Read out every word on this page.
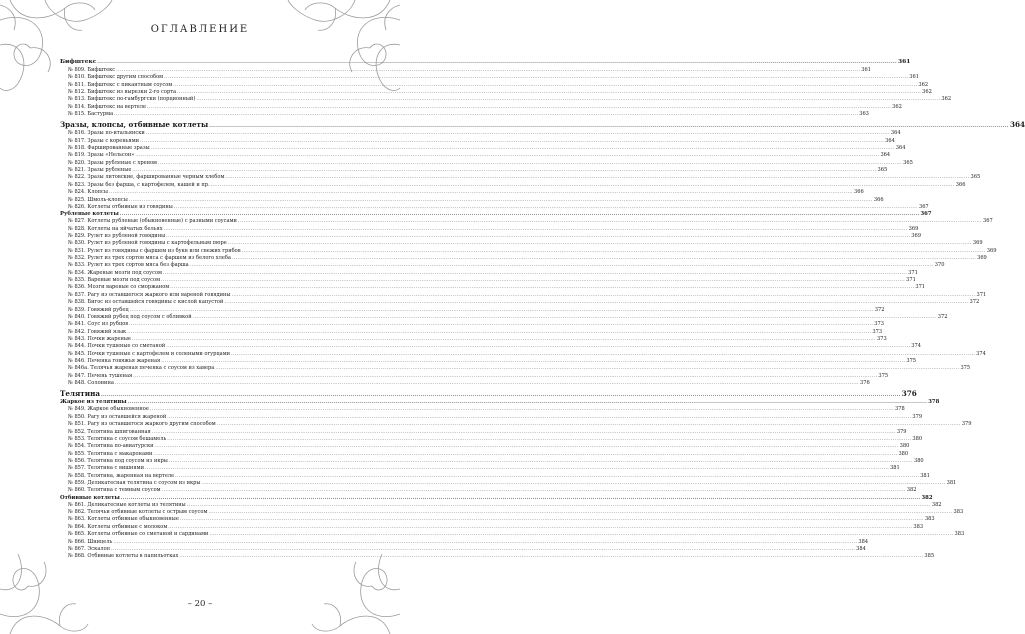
ОГЛАВЛЕНИЕ
Бифштекс ................................................................................................................................................................................................................................................................................................................................................................................................................ 361
№ 809. Бифштекс ................................................................................................................................................................................................................................................................................................................................................................................................................ 361
№ 810. Бифштекс другим способом ................................................................................................................................................................................................................................................................................................................................................................................................................ 361
№ 811. Бифштекс с пикантным соусом ................................................................................................................................................................................................................................................................................................................................................................................................................ 362
№ 812. Бифштекс из вырезки 2-го сорта ................................................................................................................................................................................................................................................................................................................................................................................................................ 362
№ 813. Бифштекс по-гамбургски (порционный) ................................................................................................................................................................................................................................................................................................................................................................................................................ 362
№ 814. Бифштекс на вертеле ................................................................................................................................................................................................................................................................................................................................................................................................................ 362
№ 815. Бастурма ................................................................................................................................................................................................................................................................................................................................................................................................................ 363
Зразы, клопсы, отбивные котлеты ................................................................................................................................................................................................................................................................................................................................................................................................................ 364
№ 816. Зразы по-итальянски ................................................................................................................................................................................................................................................................................................................................................................................................................ 364
№ 817. Зразы с кореньями ................................................................................................................................................................................................................................................................................................................................................................................................................ 364
№ 818. Фаршированные зразы ................................................................................................................................................................................................................................................................................................................................................................................................................ 364
№ 819. Зразы «Нельсон» ................................................................................................................................................................................................................................................................................................................................................................................................................ 364
№ 820. Зразы рубленые с хреном ................................................................................................................................................................................................................................................................................................................................................................................................................ 365
№ 821. Зразы рубленые ................................................................................................................................................................................................................................................................................................................................................................................................................ 365
№ 822. Зразы литовские, фаршированные черным хлебом ................................................................................................................................................................................................................................................................................................................................................................................................................ 365
№ 823. Зразы без фарша, с картофелем, кашей и пр. ................................................................................................................................................................................................................................................................................................................................................................................................................ 366
№ 824. Клопсы ................................................................................................................................................................................................................................................................................................................................................................................................................ 366
№ 825. Шмоль-клопсы ................................................................................................................................................................................................................................................................................................................................................................................................................ 366
№ 826. Котлеты отбивные из говядины ................................................................................................................................................................................................................................................................................................................................................................................................................ 367
Рубленые котлеты ................................................................................................................................................................................................................................................................................................................................................................................................................ 367
№ 827. Котлеты рубленые (обыкновенные) с разными соусами ................................................................................................................................................................................................................................................................................................................................................................................................................ 367
№ 828. Котлеты на яйчатых бельях ................................................................................................................................................................................................................................................................................................................................................................................................................ 369
№ 829. Рулет из рубленой говядины ................................................................................................................................................................................................................................................................................................................................................................................................................ 369
№ 830. Рулет из рубленой говядины с картофельным пюре ................................................................................................................................................................................................................................................................................................................................................................................................................ 369
№ 831. Рулет из говядины с фаршем из букв или свежих грибов ................................................................................................................................................................................................................................................................................................................................................................................................................ 369
№ 832. Рулет из трех сортов мяса с фаршем из белого хлеба ................................................................................................................................................................................................................................................................................................................................................................................................................ 369
№ 833. Рулет из трех сортов мяса без фарша ................................................................................................................................................................................................................................................................................................................................................................................................................ 370
№ 834. Жареные мозги под соусом ................................................................................................................................................................................................................................................................................................................................................................................................................ 371
№ 835. Вареные мозги под соусом ................................................................................................................................................................................................................................................................................................................................................................................................................ 371
№ 836. Мозги вареные со сморжаном ................................................................................................................................................................................................................................................................................................................................................................................................................ 371
№ 837. Рагу из оставшегося жаркого или вареной говядины ................................................................................................................................................................................................................................................................................................................................................................................................................ 371
№ 838. Бигос из оставшейся говядины с кислой капустой ................................................................................................................................................................................................................................................................................................................................................................................................................ 372
№ 839. Говяжий рубец ................................................................................................................................................................................................................................................................................................................................................................................................................ 372
№ 840. Говяжий рубец под соусом с обливкой ................................................................................................................................................................................................................................................................................................................................................................................................................ 372
№ 841. Соус из рубцов ................................................................................................................................................................................................................................................................................................................................................................................................................ 373
№ 842. Говяжий язык ................................................................................................................................................................................................................................................................................................................................................................................................................ 373
№ 843. Почки жареные ................................................................................................................................................................................................................................................................................................................................................................................................................ 373
№ 844. Почки тушеные со сметаной ................................................................................................................................................................................................................................................................................................................................................................................................................ 374
№ 845. Почки тушеные с картофелем и солеными огурцами ................................................................................................................................................................................................................................................................................................................................................................................................................ 374
№ 846. Печенка говяжья жареная ................................................................................................................................................................................................................................................................................................................................................................................................................ 375
№ 846а. Телячья жареная печенка с соусом из хавера ................................................................................................................................................................................................................................................................................................................................................................................................................ 375
№ 847. Печень тушеная ................................................................................................................................................................................................................................................................................................................................................................................................................ 375
№ 848. Солонина ................................................................................................................................................................................................................................................................................................................................................................................................................ 376
Телятина ................................................................................................................................................................................................................................................................................................................................................................................................................ 376
Жаркое из телятины ................................................................................................................................................................................................................................................................................................................................................................................................................ 378
№ 849. Жаркое обыкновенное ................................................................................................................................................................................................................................................................................................................................................................................................................ 378
№ 850. Рагу из оставшейся жареной ................................................................................................................................................................................................................................................................................................................................................................................................................ 379
№ 851. Рагу из оставшегося жаркого другим способом ................................................................................................................................................................................................................................................................................................................................................................................................................ 379
№ 852. Телятина шпигованная ................................................................................................................................................................................................................................................................................................................................................................................................................ 379
№ 853. Телятина с соусом бешамель ................................................................................................................................................................................................................................................................................................................................................................................................................ 380
№ 854. Телятина по-авиатурски ................................................................................................................................................................................................................................................................................................................................................................................................................ 380
№ 855. Телятина с макаронами ................................................................................................................................................................................................................................................................................................................................................................................................................ 380
№ 856. Телятина под соусом из икры ................................................................................................................................................................................................................................................................................................................................................................................................................ 380
№ 857. Телятина с вишнями ................................................................................................................................................................................................................................................................................................................................................................................................................ 381
№ 858. Телятина, жаренная на вертеле ................................................................................................................................................................................................................................................................................................................................................................................................................ 381
№ 859. Деликатесная телятина с соусом из икры ................................................................................................................................................................................................................................................................................................................................................................................................................ 381
№ 860. Телятина с темным соусом ................................................................................................................................................................................................................................................................................................................................................................................................................ 382
Отбивные котлеты ................................................................................................................................................................................................................................................................................................................................................................................................................ 382
№ 861. Деликатесные котлеты из телятины ................................................................................................................................................................................................................................................................................................................................................................................................................ 382
№ 862. Телячьи отбивные котлеты с острым соусом ................................................................................................................................................................................................................................................................................................................................................................................................................ 383
№ 863. Котлеты отбивные обыкновенные ................................................................................................................................................................................................................................................................................................................................................................................................................ 383
№ 864. Котлеты отбивные с молоком ................................................................................................................................................................................................................................................................................................................................................................................................................ 383
№ 865. Котлеты отбивные со сметаной и сардинами ................................................................................................................................................................................................................................................................................................................................................................................................................ 383
№ 866. Шницель ................................................................................................................................................................................................................................................................................................................................................................................................................ 384
№ 867. Эскалоп ................................................................................................................................................................................................................................................................................................................................................................................................................ 384
№ 868. Отбивные котлеты в папильотках ................................................................................................................................................................................................................................................................................................................................................................................................................ 385
– 20 –
